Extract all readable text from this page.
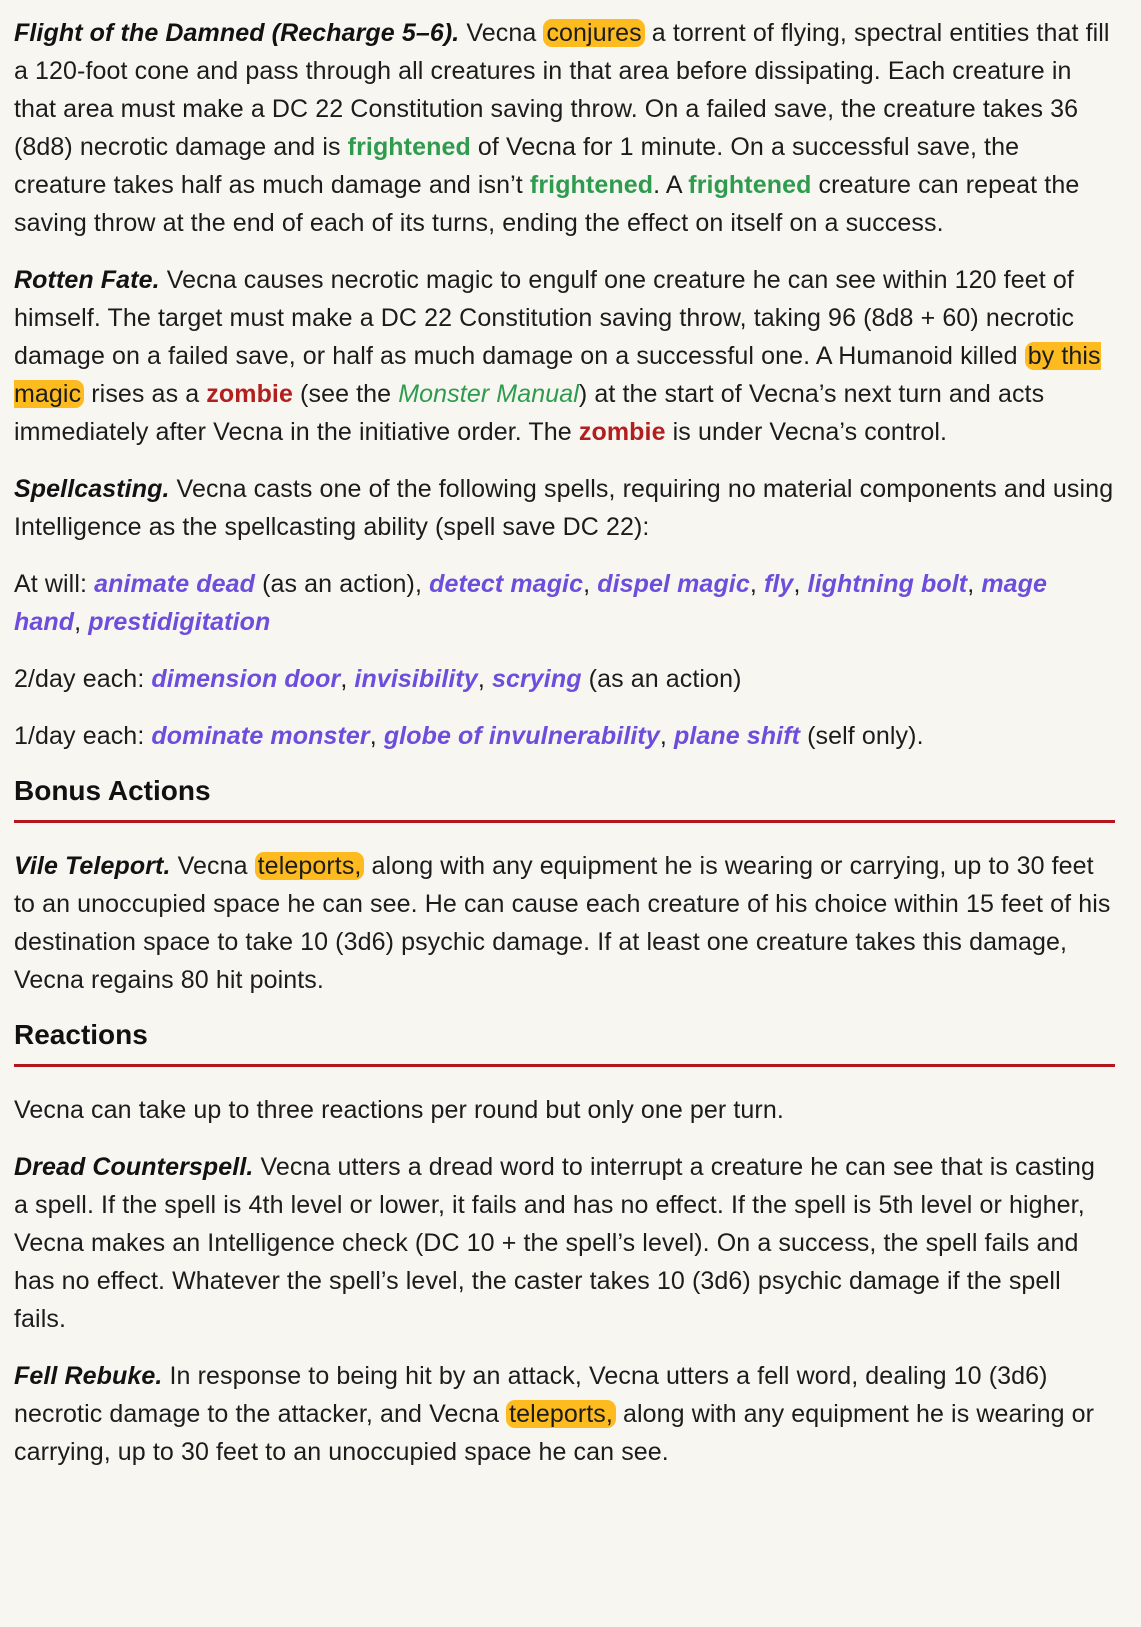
Flight of the Damned (Recharge 5–6). Vecna conjures a torrent of flying, spectral entities that fill a 120-foot cone and pass through all creatures in that area before dissipating. Each creature in that area must make a DC 22 Constitution saving throw. On a failed save, the creature takes 36 (8d8) necrotic damage and is frightened of Vecna for 1 minute. On a successful save, the creature takes half as much damage and isn’t frightened. A frightened creature can repeat the saving throw at the end of each of its turns, ending the effect on itself on a success.

Rotten Fate. Vecna causes necrotic magic to engulf one creature he can see within 120 feet of himself. The target must make a DC 22 Constitution saving throw, taking 96 (8d8 + 60) necrotic damage on a failed save, or half as much damage on a successful one. A Humanoid killed by this magic rises as a zombie (see the Monster Manual) at the start of Vecna’s next turn and acts immediately after Vecna in the initiative order. The zombie is under Vecna’s control.

Spellcasting. Vecna casts one of the following spells, requiring no material components and using Intelligence as the spellcasting ability (spell save DC 22):

At will: animate dead (as an action), detect magic, dispel magic, fly, lightning bolt, mage hand, prestidigitation

2/day each: dimension door, invisibility, scrying (as an action)

1/day each: dominate monster, globe of invulnerability, plane shift (self only).

Bonus Actions

Vile Teleport. Vecna teleports, along with any equipment he is wearing or carrying, up to 30 feet to an unoccupied space he can see. He can cause each creature of his choice within 15 feet of his destination space to take 10 (3d6) psychic damage. If at least one creature takes this damage, Vecna regains 80 hit points.

Reactions

Vecna can take up to three reactions per round but only one per turn.

Dread Counterspell. Vecna utters a dread word to interrupt a creature he can see that is casting a spell. If the spell is 4th level or lower, it fails and has no effect. If the spell is 5th level or higher, Vecna makes an Intelligence check (DC 10 + the spell’s level). On a success, the spell fails and has no effect. Whatever the spell’s level, the caster takes 10 (3d6) psychic damage if the spell fails.

Fell Rebuke. In response to being hit by an attack, Vecna utters a fell word, dealing 10 (3d6) necrotic damage to the attacker, and Vecna teleports, along with any equipment he is wearing or carrying, up to 30 feet to an unoccupied space he can see.
